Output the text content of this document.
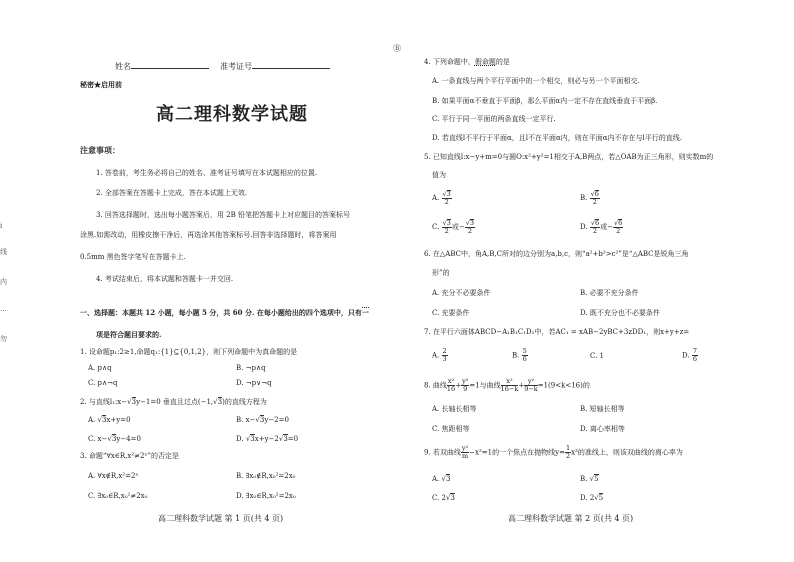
i
线
内
…
勿
Ⓑ
姓名	准考证号
秘密★启用前
高二理科数学试题
注意事项：
1. 答卷前，考生务必将自己的姓名、准考证号填写在本试题相应的位置.
2. 全部答案在答题卡上完成，答在本试题上无效.
3. 回答选择题时，选出每小题答案后，用 2B 铅笔把答题卡上对应题目的答案标号
涂黑.如需改动，用橡皮擦干净后，再选涂其他答案标号.回答非选择题时，将答案用
0.5mm 黑色签字笔写在答题卡上.
4. 考试结束后，将本试题和答题卡一并交回.
一、选择题：本题共 12 小题，每小题 5 分，共 60 分. 在每小题给出的四个选项中，只有一
项是符合题目要求的.
1. 设命题p₁:2≥1,命题q₁:{1}⊆{0,1,2}，则下列命题中为真命题的是
A. p∧q	B. ¬p∧q
C. p∧¬q	D. ¬p∨¬q
2. 与直线l₁:x−√3y−1=0 垂直且过点(−1,√3)的直线方程为
A. √3x+y=0	B. x−√3y−2=0
C. x−√3y−4=0	D. √3x+y−2√3=0
3. 命题“∀x∈R,x²≠2ˣ”的否定是
A. ∀x∉R,x²=2ˣ	B. ∃x₀∉R,x₀²=2x₀
C. ∃x₀∈R,x₀²≠2x₀	D. ∃x₀∈R,x₀²=2x₀
高二理科数学试题 第 1 页(共 4 页)
4. 下列命题中，假命题的是
A. 一条直线与两个平行平面中的一个相交，则必与另一个平面相交.
B. 如果平面α不垂直于平面β，那么平面α内一定不存在直线垂直于平面β.
C. 平行于同一平面的两条直线一定平行.
D. 若直线l不平行于平面α，且l不在平面α内，则在平面α内不存在与l平行的直线.
5. 已知直线l:x−y+m=0与圆O:x²+y²=1相交于A,B两点，若△OAB为正三角形，则实数m的
值为
A. $\frac{√3}{2}$	B. $\frac{√6}{2}$
C. $\frac{√3}{2}$ 或− $\frac{√3}{2}$	D. $\frac{√6}{2}$ 或− $\frac{√6}{2}$
6. 在△ABC中，角A,B,C所对的边分别为a,b,c，则“a²+b²>c²”是“△ABC是锐角三角
形”的
A. 充分不必要条件	B. 必要不充分条件
C. 充要条件	D. 既不充分也不必要条件
7. 在平行六面体ABCD−A₁B₁C₁D₁中，若AC₁ = xAB−2yBC+3zDD₁，则x+y+z=
A. $\frac{2}{3}$	B. $\frac{5}{6}$	C. 1	D. $\frac{7}{6}$
8. 曲线 $\frac{\text{x²}}{16} + \frac{\text{y²}}{9} =1$与曲线 $\frac{\text{x²}}{16-k} + \frac{\text{y²}}{9-k} =1(9<k<16)$的
A. 长轴长相等	B. 短轴长相等
C. 焦距相等	D. 离心率相等
9. 若双曲线 $\frac{\text{y²}}{m} -x^2=1$的一个焦点在抛物线$y= \frac{1}{2} x^2$的准线上，则该双曲线的离心率为
A. √3	B. √5
C. 2√3	D. 2√5
高二理科数学试题 第 2 页(共 4 页)
